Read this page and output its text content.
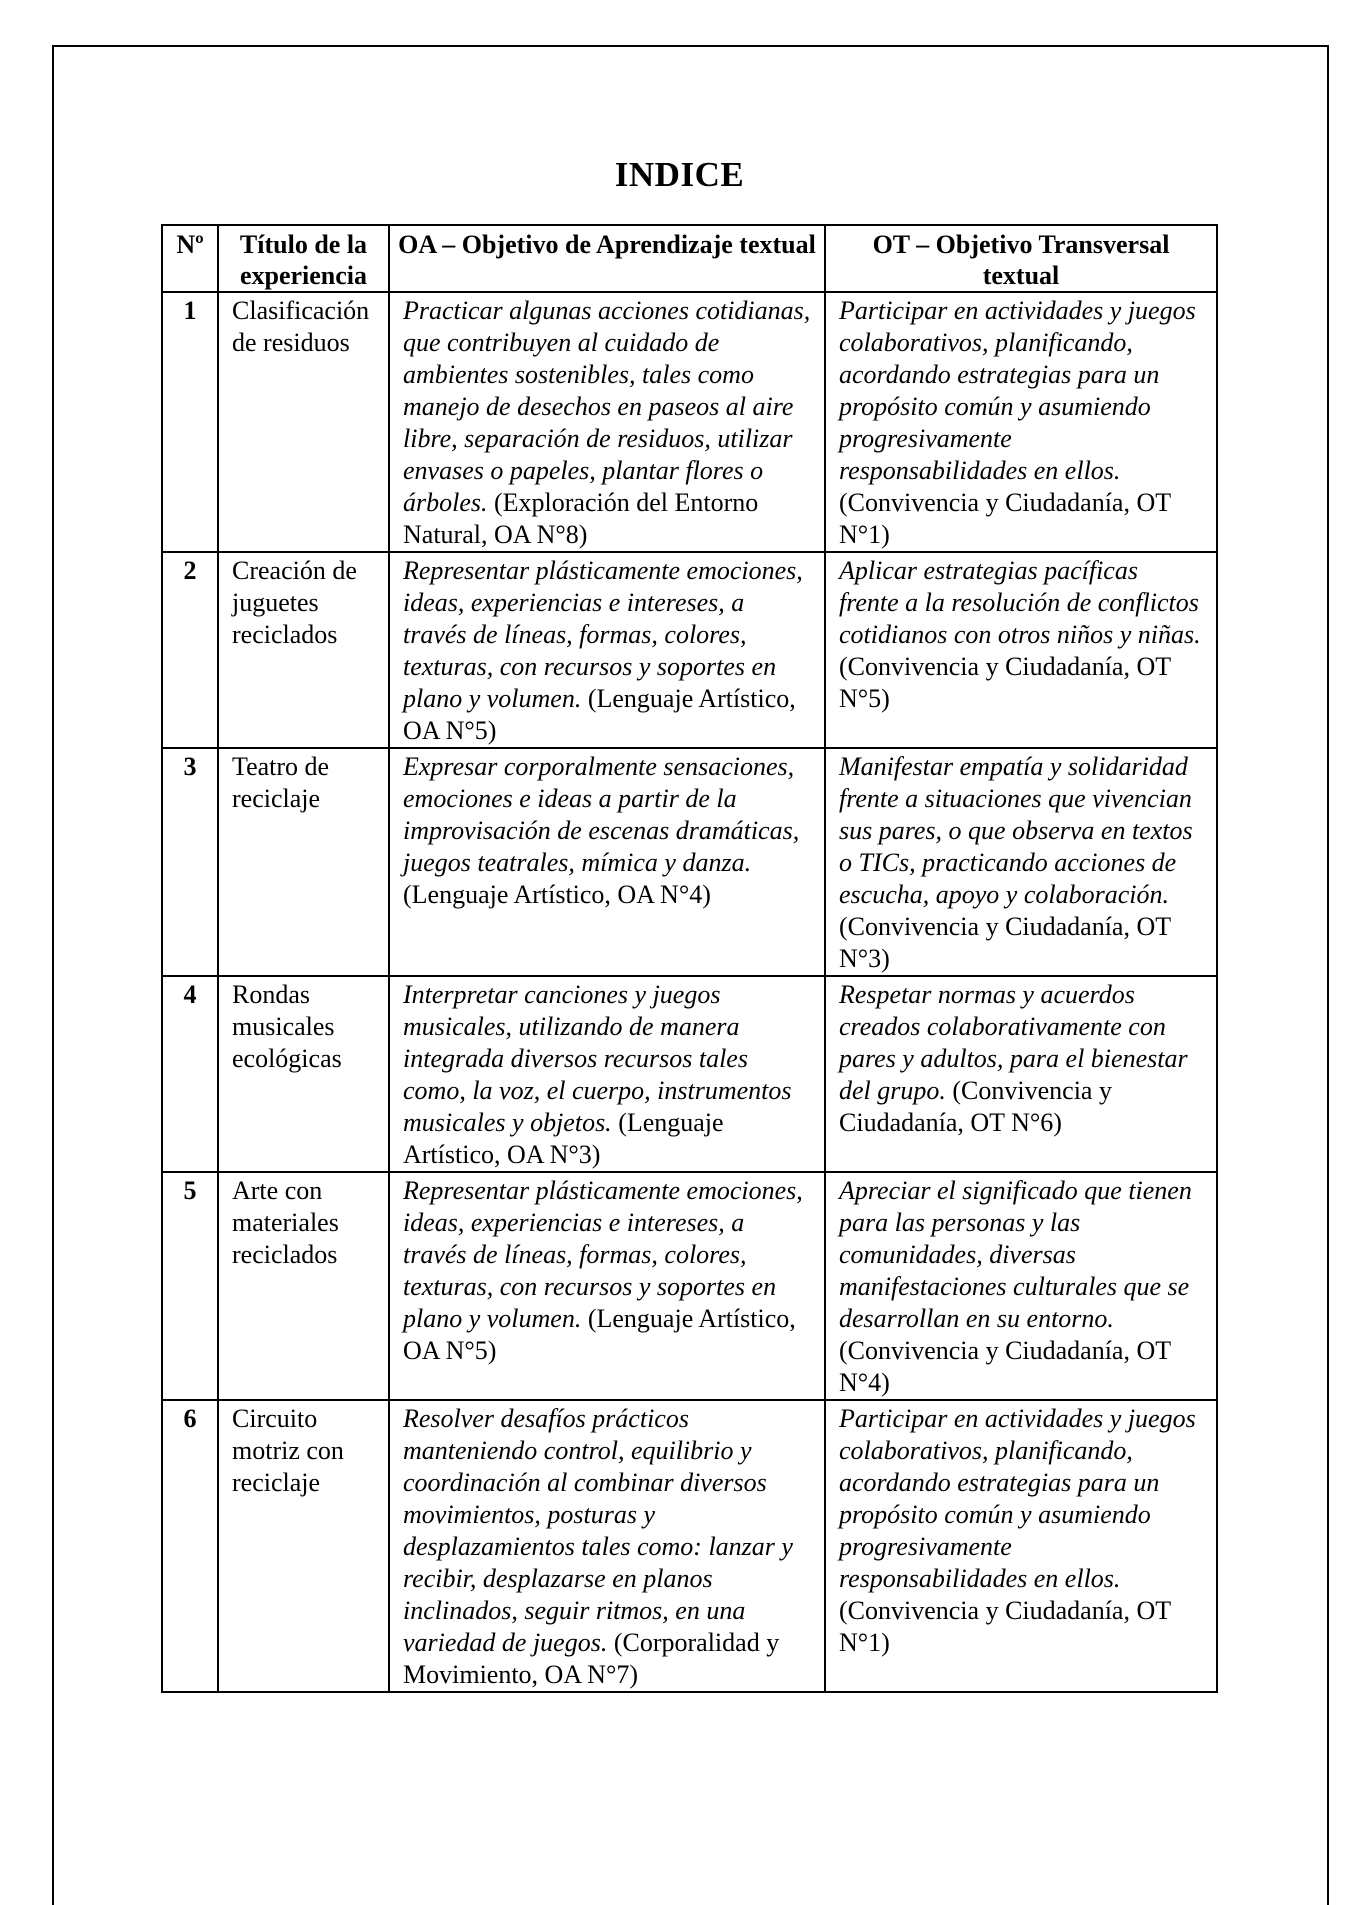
INDICE
Nº	Título de la experiencia	OA – Objetivo de Aprendizaje textual	OT – Objetivo Transversal textual
1	Clasificación de residuos	Practicar algunas acciones cotidianas, que contribuyen al cuidado de ambientes sostenibles, tales como manejo de desechos en paseos al aire libre, separación de residuos, utilizar envases o papeles, plantar flores o árboles. (Exploración del Entorno Natural, OA N°8)	Participar en actividades y juegos colaborativos, planificando, acordando estrategias para un propósito común y asumiendo progresivamente responsabilidades en ellos. (Convivencia y Ciudadanía, OT N°1)
2	Creación de juguetes reciclados	Representar plásticamente emociones, ideas, experiencias e intereses, a través de líneas, formas, colores, texturas, con recursos y soportes en plano y volumen. (Lenguaje Artístico, OA N°5)	Aplicar estrategias pacíficas frente a la resolución de conflictos cotidianos con otros niños y niñas. (Convivencia y Ciudadanía, OT N°5)
3	Teatro de reciclaje	Expresar corporalmente sensaciones, emociones e ideas a partir de la improvisación de escenas dramáticas, juegos teatrales, mímica y danza. (Lenguaje Artístico, OA N°4)	Manifestar empatía y solidaridad frente a situaciones que vivencian sus pares, o que observa en textos o TICs, practicando acciones de escucha, apoyo y colaboración. (Convivencia y Ciudadanía, OT N°3)
4	Rondas musicales ecológicas	Interpretar canciones y juegos musicales, utilizando de manera integrada diversos recursos tales como, la voz, el cuerpo, instrumentos musicales y objetos. (Lenguaje Artístico, OA N°3)	Respetar normas y acuerdos creados colaborativamente con pares y adultos, para el bienestar del grupo. (Convivencia y Ciudadanía, OT N°6)
5	Arte con materiales reciclados	Representar plásticamente emociones, ideas, experiencias e intereses, a través de líneas, formas, colores, texturas, con recursos y soportes en plano y volumen. (Lenguaje Artístico, OA N°5)	Apreciar el significado que tienen para las personas y las comunidades, diversas manifestaciones culturales que se desarrollan en su entorno. (Convivencia y Ciudadanía, OT N°4)
6	Circuito motriz con reciclaje	Resolver desafíos prácticos manteniendo control, equilibrio y coordinación al combinar diversos movimientos, posturas y desplazamientos tales como: lanzar y recibir, desplazarse en planos inclinados, seguir ritmos, en una variedad de juegos. (Corporalidad y Movimiento, OA N°7)	Participar en actividades y juegos colaborativos, planificando, acordando estrategias para un propósito común y asumiendo progresivamente responsabilidades en ellos. (Convivencia y Ciudadanía, OT N°1)
